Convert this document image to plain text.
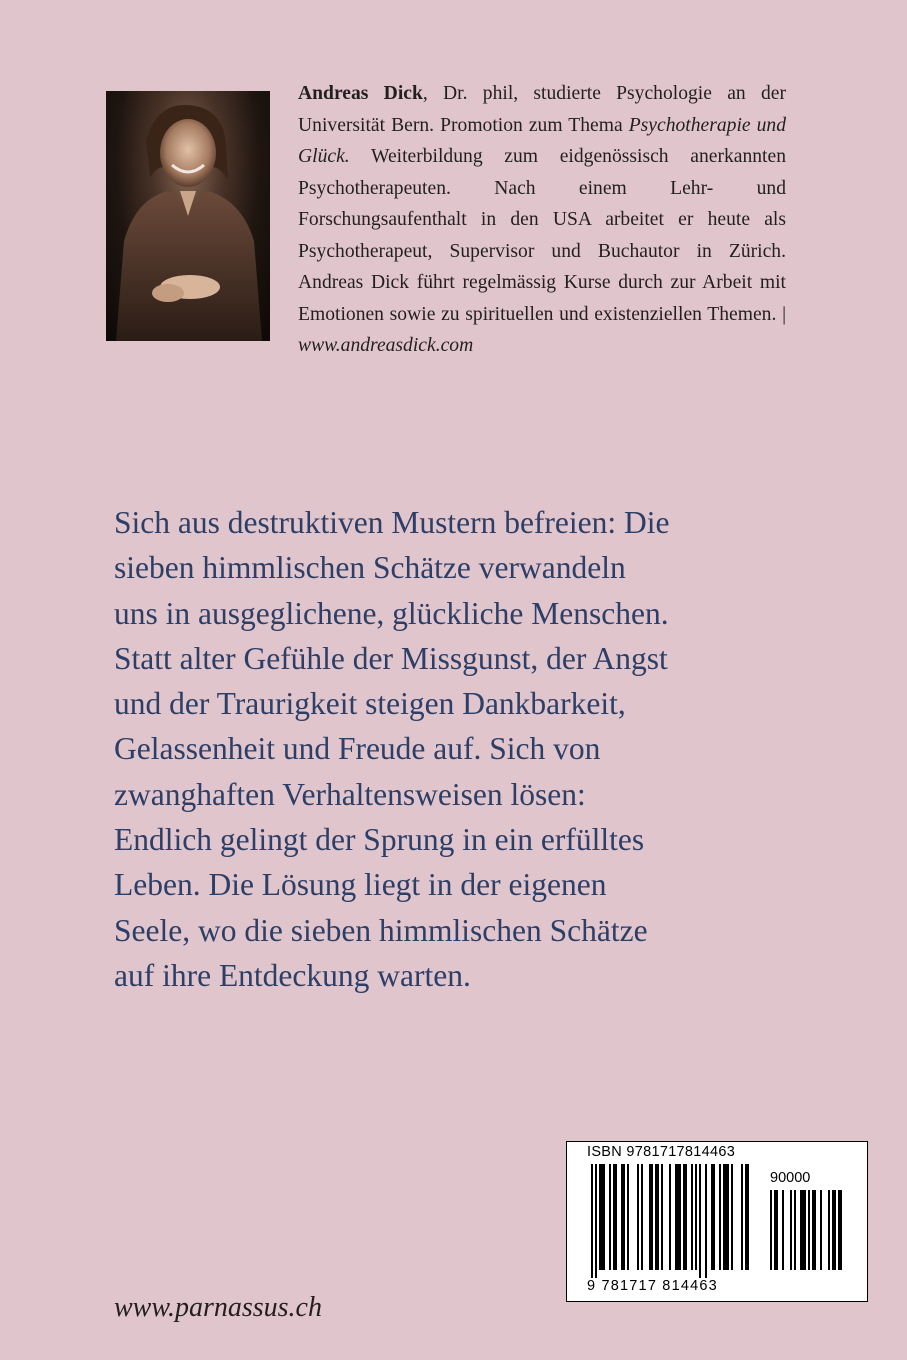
Andreas Dick, Dr. phil, studierte Psychologie an der Universität Bern. Promotion zum Thema Psychotherapie und Glück. Weiterbildung zum eidgenössisch anerkannten Psychotherapeuten. Nach einem Lehr- und Forschungsaufenthalt in den USA arbeitet er heute als Psychotherapeut, Supervisor und Buchautor in Zürich. Andreas Dick führt regelmässig Kurse durch zur Arbeit mit Emotionen sowie zu spirituellen und existenziellen Themen. | www.andreasdick.com

Sich aus destruktiven Mustern befreien: Die
sieben himmlischen Schätze verwandeln
uns in ausgeglichene, glückliche Menschen.
Statt alter Gefühle der Missgunst, der Angst
und der Traurigkeit steigen Dankbarkeit,
Gelassenheit und Freude auf. Sich von
zwanghaften Verhaltensweisen lösen:
Endlich gelingt der Sprung in ein erfülltes
Leben. Die Lösung liegt in der eigenen
Seele, wo die sieben himmlischen Schätze
auf ihre Entdeckung warten.

ISBN 9781717814463
90000
9 781717 814463

www.parnassus.ch
